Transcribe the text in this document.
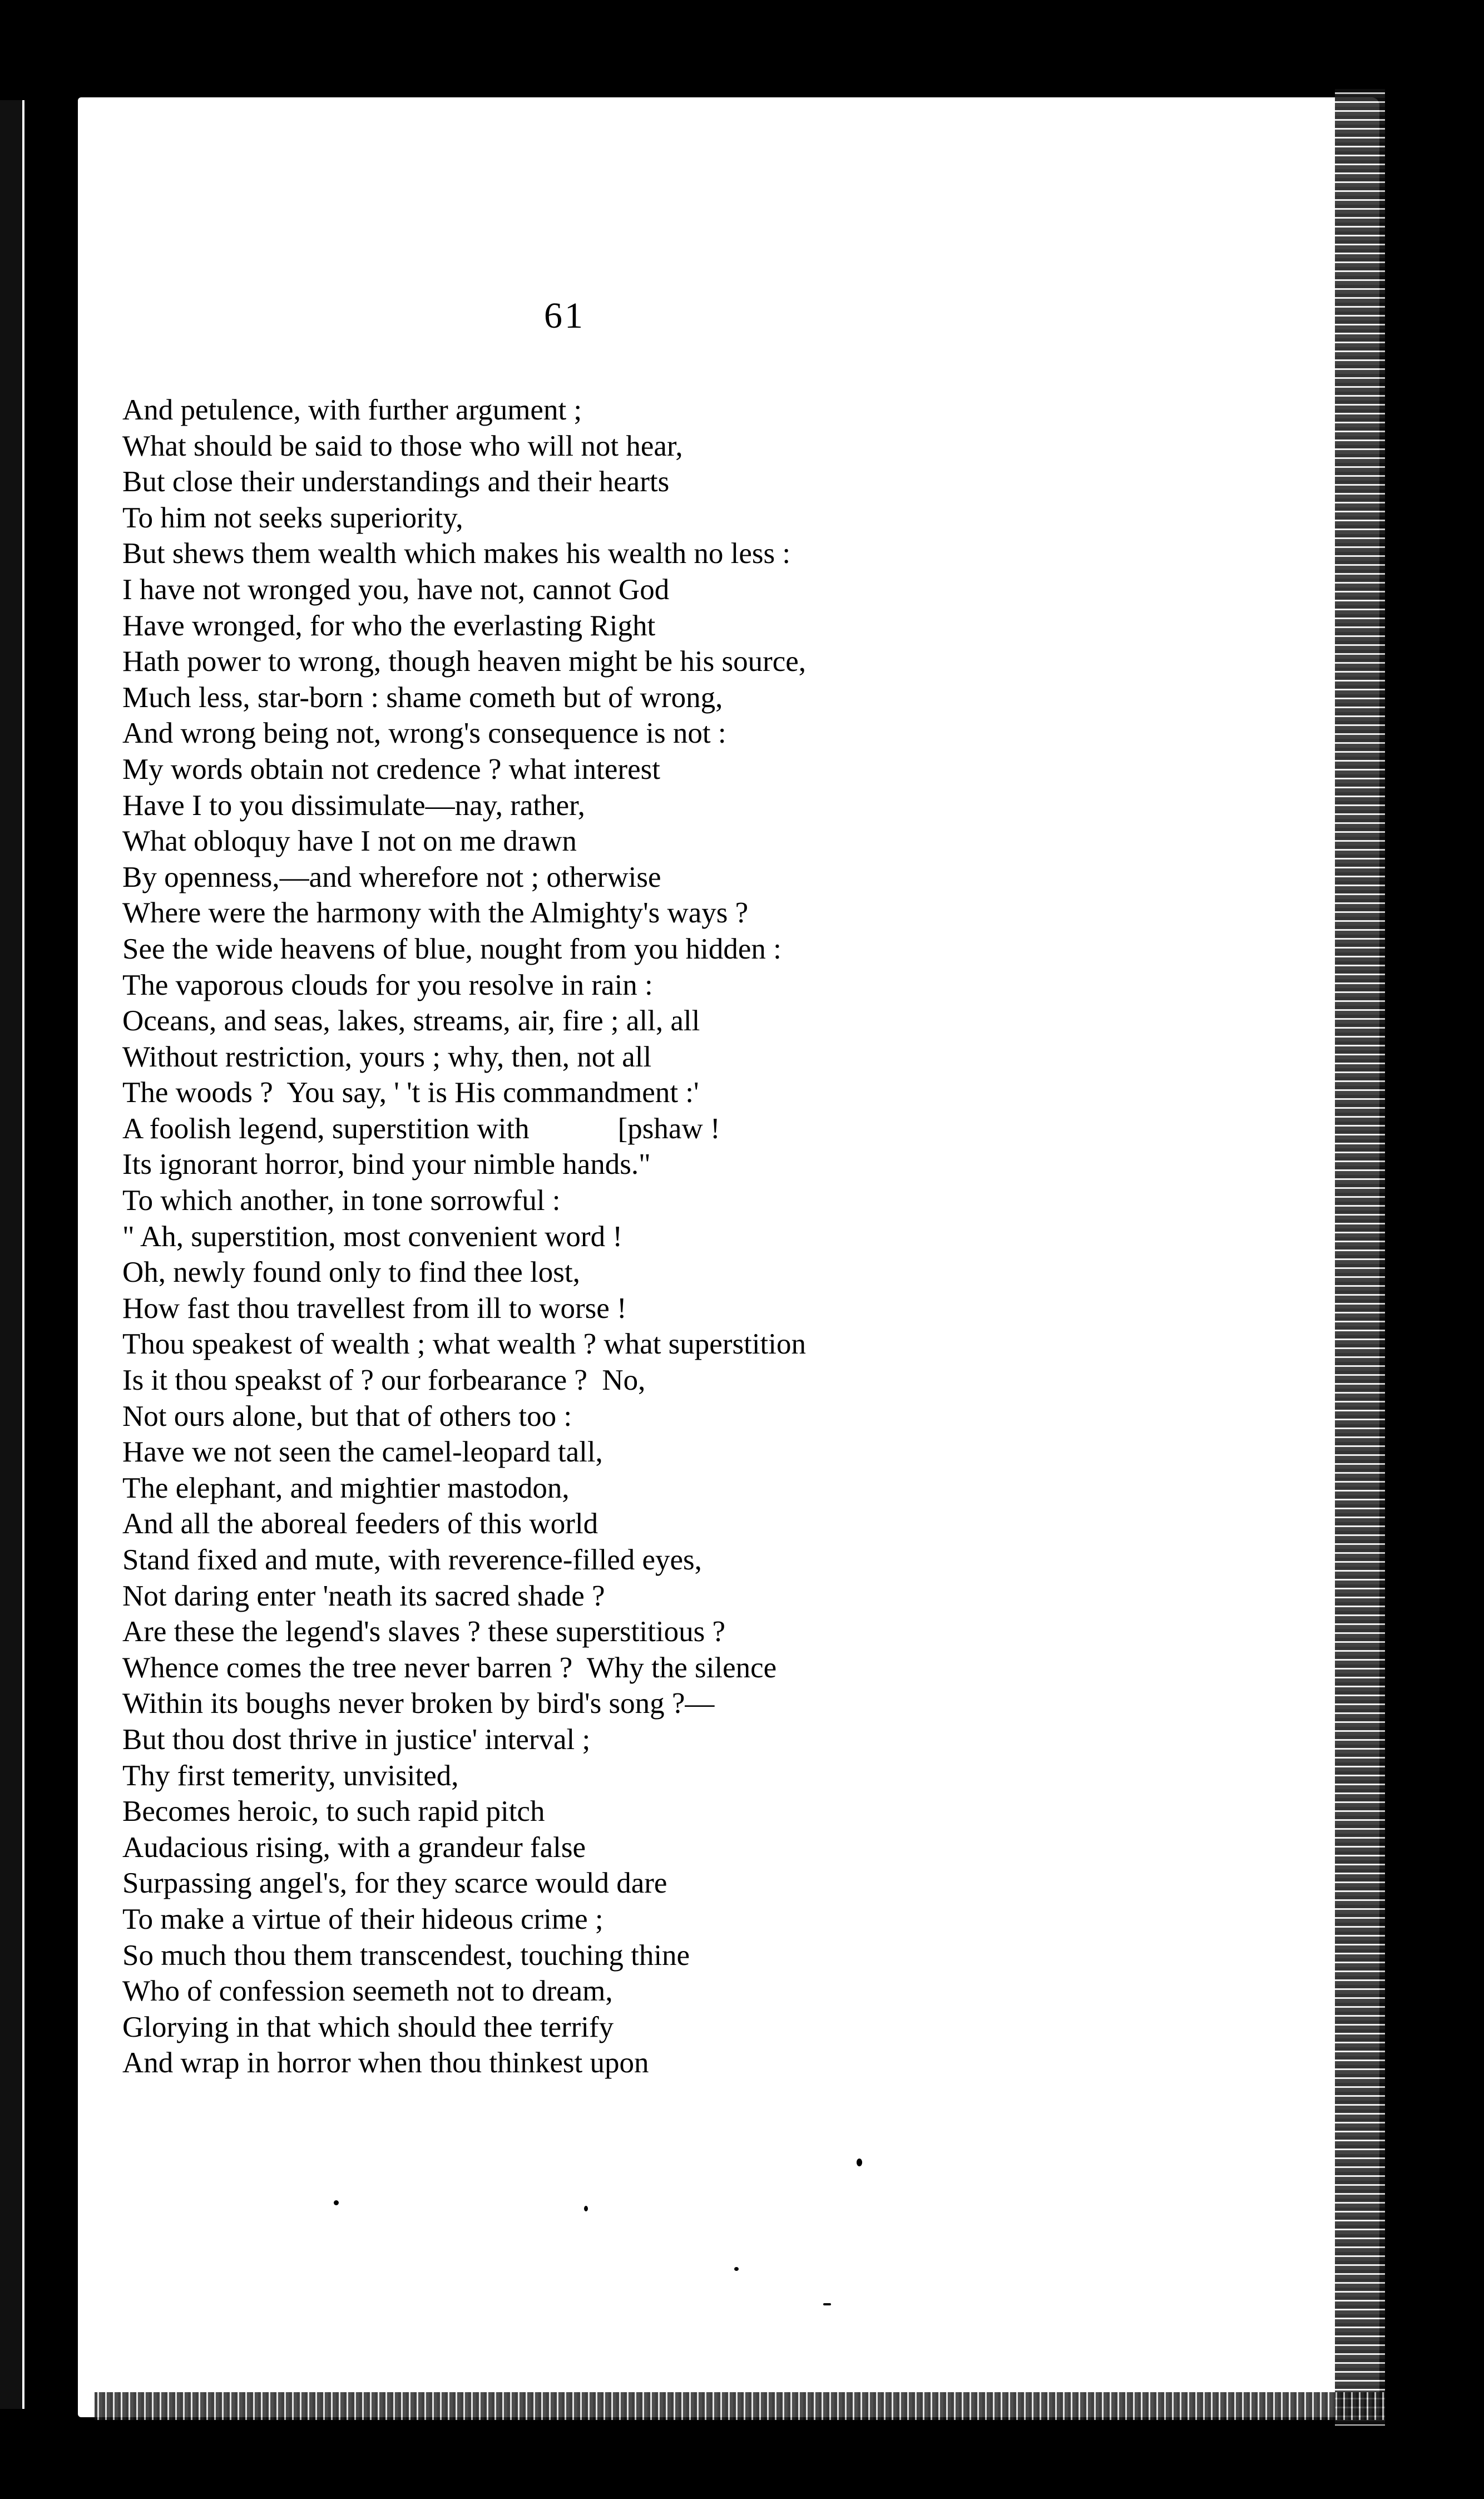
61
And petulence, with further argument ;
What should be said to those who will not hear,
But close their understandings and their hearts
To him not seeks superiority,
But shews them wealth which makes his wealth no less :
I have not wronged you, have not, cannot God
Have wronged, for who the everlasting Right
Hath power to wrong, though heaven might be his source,
Much less, star-born : shame cometh but of wrong,
And wrong being not, wrong's consequence is not :
My words obtain not credence ? what interest
Have I to you dissimulate—nay, rather,
What obloquy have I not on me drawn
By openness,—and wherefore not ; otherwise
Where were the harmony with the Almighty's ways ?
See the wide heavens of blue, nought from you hidden :
The vaporous clouds for you resolve in rain :
Oceans, and seas, lakes, streams, air, fire ; all, all
Without restriction, yours ; why, then, not all
The woods ?  You say, ' 't is His commandment :'
A foolish legend, superstition with            [pshaw !
Its ignorant horror, bind your nimble hands."
To which another, in tone sorrowful :
" Ah, superstition, most convenient word !
Oh, newly found only to find thee lost,
How fast thou travellest from ill to worse !
Thou speakest of wealth ; what wealth ? what superstition
Is it thou speakst of ? our forbearance ?  No,
Not ours alone, but that of others too :
Have we not seen the camel-leopard tall,
The elephant, and mightier mastodon,
And all the aboreal feeders of this world
Stand fixed and mute, with reverence-filled eyes,
Not daring enter 'neath its sacred shade ?
Are these the legend's slaves ? these superstitious ?
Whence comes the tree never barren ?  Why the silence
Within its boughs never broken by bird's song ?—
But thou dost thrive in justice' interval ;
Thy first temerity, unvisited,
Becomes heroic, to such rapid pitch
Audacious rising, with a grandeur false
Surpassing angel's, for they scarce would dare
To make a virtue of their hideous crime ;
So much thou them transcendest, touching thine
Who of confession seemeth not to dream,
Glorying in that which should thee terrify
And wrap in horror when thou thinkest upon
